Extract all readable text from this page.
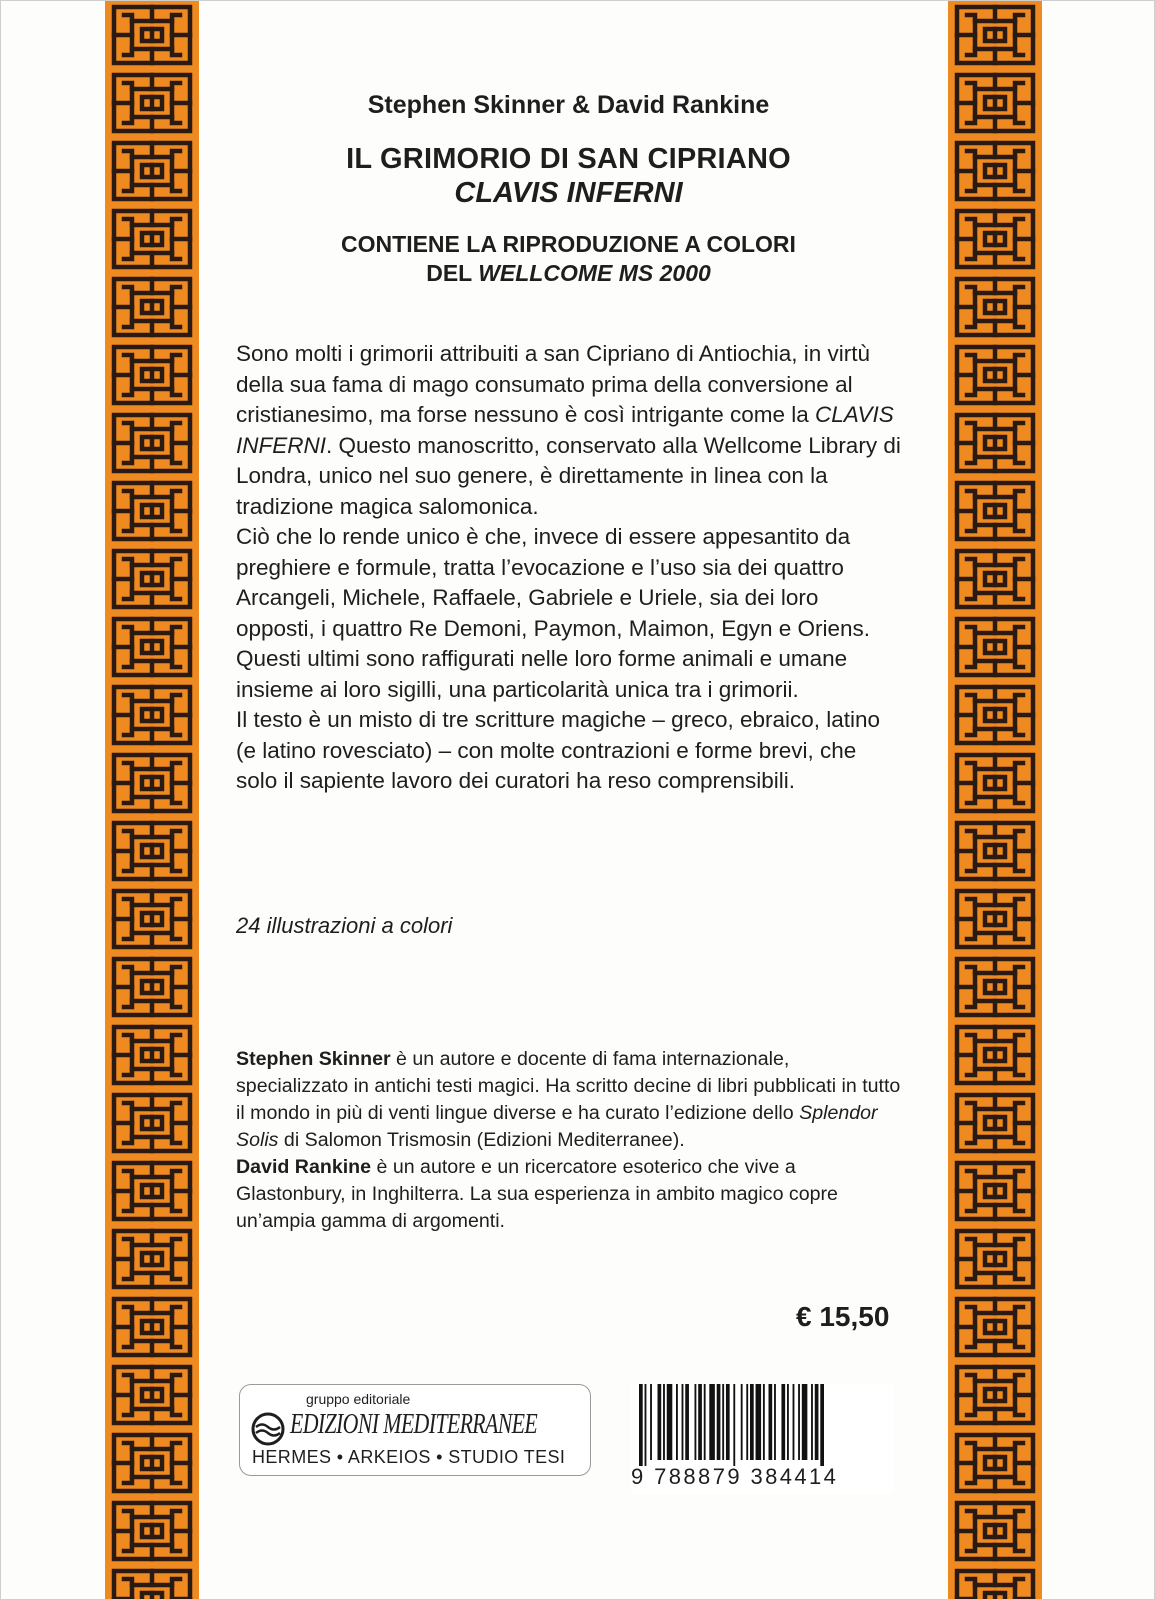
Stephen Skinner & David Rankine
IL GRIMORIO DI SAN CIPRIANO
CLAVIS INFERNI
CONTIENE LA RIPRODUZIONE A COLORI
DEL WELLCOME MS 2000

Sono molti i grimorii attribuiti a san Cipriano di Antiochia, in virtù della sua fama di mago consumato prima della conversione al cristianesimo, ma forse nessuno è così intrigante come la CLAVIS INFERNI. Questo manoscritto, conservato alla Wellcome Library di Londra, unico nel suo genere, è direttamente in linea con la tradizione magica salomonica.

Ciò che lo rende unico è che, invece di essere appesantito da preghiere e formule, tratta l’evocazione e l’uso sia dei quattro Arcangeli, Michele, Raffaele, Gabriele e Uriele, sia dei loro opposti, i quattro Re Demoni, Paymon, Maimon, Egyn e Oriens. Questi ultimi sono raffigurati nelle loro forme animali e umane insieme ai loro sigilli, una particolarità unica tra i grimorii.

Il testo è un misto di tre scritture magiche – greco, ebraico, latino (e latino rovesciato) – con molte contrazioni e forme brevi, che solo il sapiente lavoro dei curatori ha reso comprensibili.

24 illustrazioni a colori

Stephen Skinner è un autore e docente di fama internazionale, specializzato in antichi testi magici. Ha scritto decine di libri pubblicati in tutto il mondo in più di venti lingue diverse e ha curato l’edizione dello Splendor Solis di Salomon Trismosin (Edizioni Mediterranee).

David Rankine è un autore e un ricercatore esoterico che vive a Glastonbury, in Inghilterra. La sua esperienza in ambito magico copre un’ampia gamma di argomenti.

€ 15,50
gruppo editoriale
EDIZIONI MEDITERRANEE
HERMES • ARKEIOS • STUDIO TESI
9 788879 384414
